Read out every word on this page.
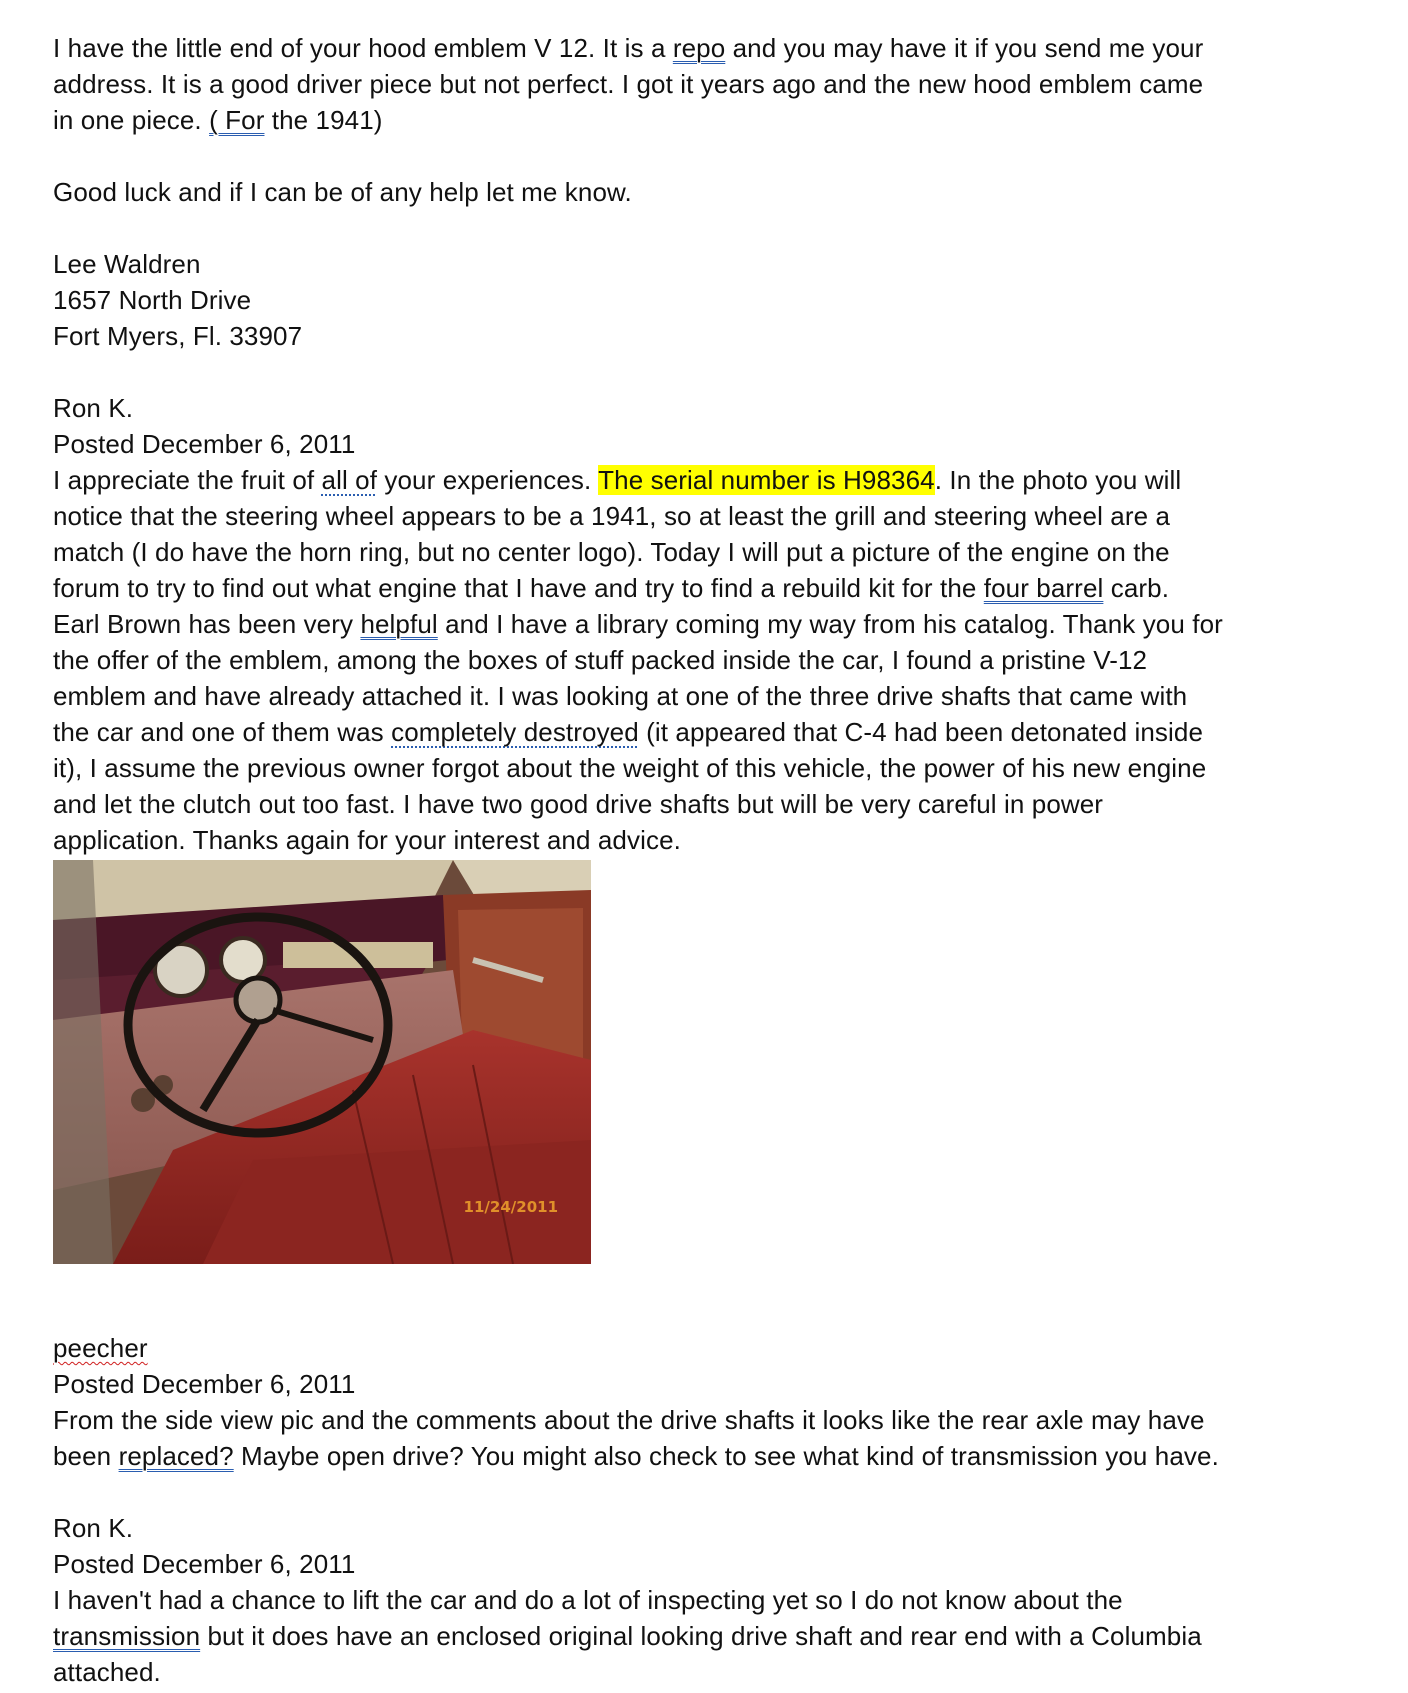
I have the little end of your hood emblem V 12. It is a repo and you may have it if you send me your

address. It is a good driver piece but not perfect. I got it years ago and the new hood emblem came

in one piece. ( For the 1941)

Good luck and if I can be of any help let me know.

Lee Waldren

1657 North Drive

Fort Myers, Fl. 33907

Ron K.

Posted December 6, 2011

I appreciate the fruit of all of your experiences. The serial number is H98364. In the photo you will

notice that the steering wheel appears to be a 1941, so at least the grill and steering wheel are a

match (I do have the horn ring, but no center logo). Today I will put a picture of the engine on the

forum to try to find out what engine that I have and try to find a rebuild kit for the four barrel carb.

Earl Brown has been very helpful and I have a library coming my way from his catalog. Thank you for

the offer of the emblem, among the boxes of stuff packed inside the car, I found a pristine V-12

emblem and have already attached it. I was looking at one of the three drive shafts that came with

the car and one of them was completely destroyed (it appeared that C-4 had been detonated inside

it), I assume the previous owner forgot about the weight of this vehicle, the power of his new engine

and let the clutch out too fast. I have two good drive shafts but will be very careful in power

application. Thanks again for your interest and advice.

11/24/2011

peecher

Posted December 6, 2011

From the side view pic and the comments about the drive shafts it looks like the rear axle may have

been replaced? Maybe open drive? You might also check to see what kind of transmission you have.

Ron K.

Posted December 6, 2011

I haven't had a chance to lift the car and do a lot of inspecting yet so I do not know about the

transmission but it does have an enclosed original looking drive shaft and rear end with a Columbia

attached.
